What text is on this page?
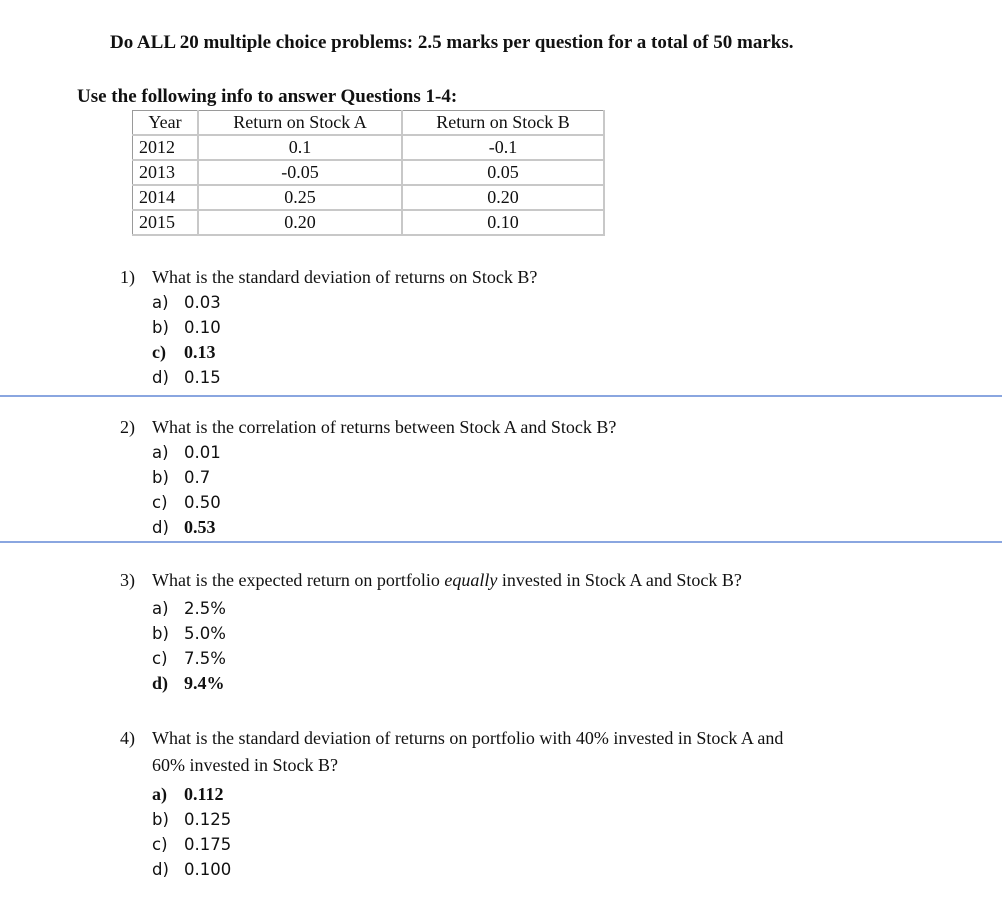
Do ALL 20 multiple choice problems: 2.5 marks per question for a total of 50 marks.
Use the following info to answer Questions 1-4:
Year	Return on Stock A	Return on Stock B
2012	0.1	-0.1
2013	-0.05	0.05
2014	0.25	0.20
2015	0.20	0.10
1) What is the standard deviation of returns on Stock B?
a) 0.03
b) 0.10
c)	0.13
d) 0.15
2) What is the correlation of returns between Stock A and Stock B?
a) 0.01
b) 0.7
c) 0.50
d) 0.53
3) What is the expected return on portfolio equally invested in Stock A and Stock B?
a) 2.5%
b) 5.0%
c) 7.5%
d) 9.4%
4) What is the standard deviation of returns on portfolio with 40% invested in Stock A and
60% invested in Stock B?
a) 0.112
b) 0.125
c) 0.175
d) 0.100
